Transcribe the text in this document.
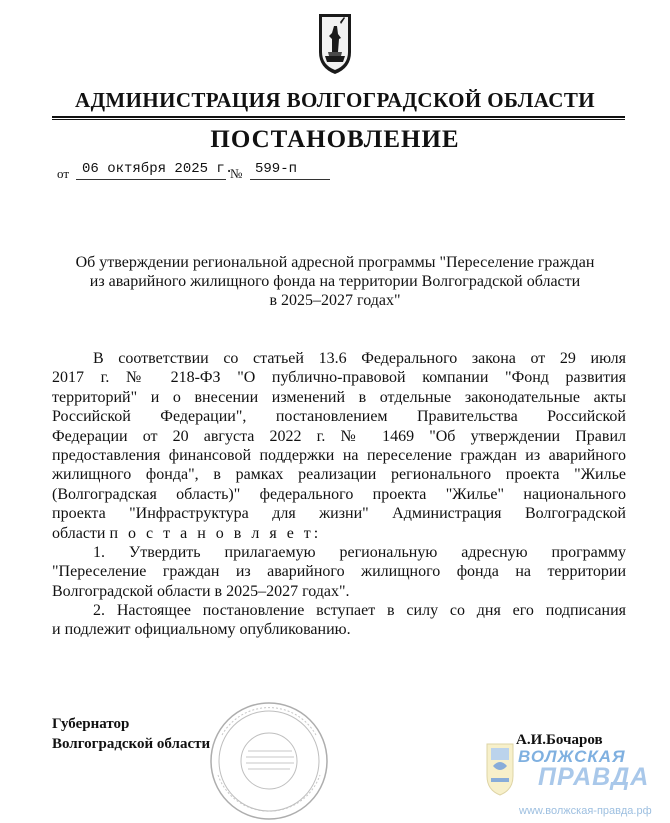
АДМИНИСТРАЦИЯ ВОЛГОГРАДСКОЙ ОБЛАСТИ
ПОСТАНОВЛЕНИЕ
от 06 октября 2025 г.
№ 599-п
Об утверждении региональной адресной программы "Переселение граждан
из аварийного жилищного фонда на территории Волгоградской области
в 2025–2027 годах"
В соответствии со статьей 13.6 Федерального закона от 29 июля
2017 г. № 218-ФЗ "О публично-правовой компании "Фонд развития
территорий" и о внесении изменений в отдельные законодательные акты
Российской Федерации", постановлением Правительства Российской
Федерации от 20 августа 2022 г. № 1469 "Об утверждении Правил
предоставления финансовой поддержки на переселение граждан из аварийного
жилищного фонда", в рамках реализации регионального проекта "Жилье
(Волгоградская область)" федерального проекта "Жилье" национального
проекта "Инфраструктура для жизни" Администрация Волгоградской
области п о с т а н о в л я е т:
1. Утвердить прилагаемую региональную адресную программу
"Переселение граждан из аварийного жилищного фонда на территории
Волгоградской области в 2025–2027 годах".
2. Настоящее постановление вступает в силу со дня его подписания
и подлежит официальному опубликованию.
Губернатор
Волгоградской области	А.И.Бочаров
ВОЛЖСКАЯ
ПРАВДА
www.волжская-правда.рф
